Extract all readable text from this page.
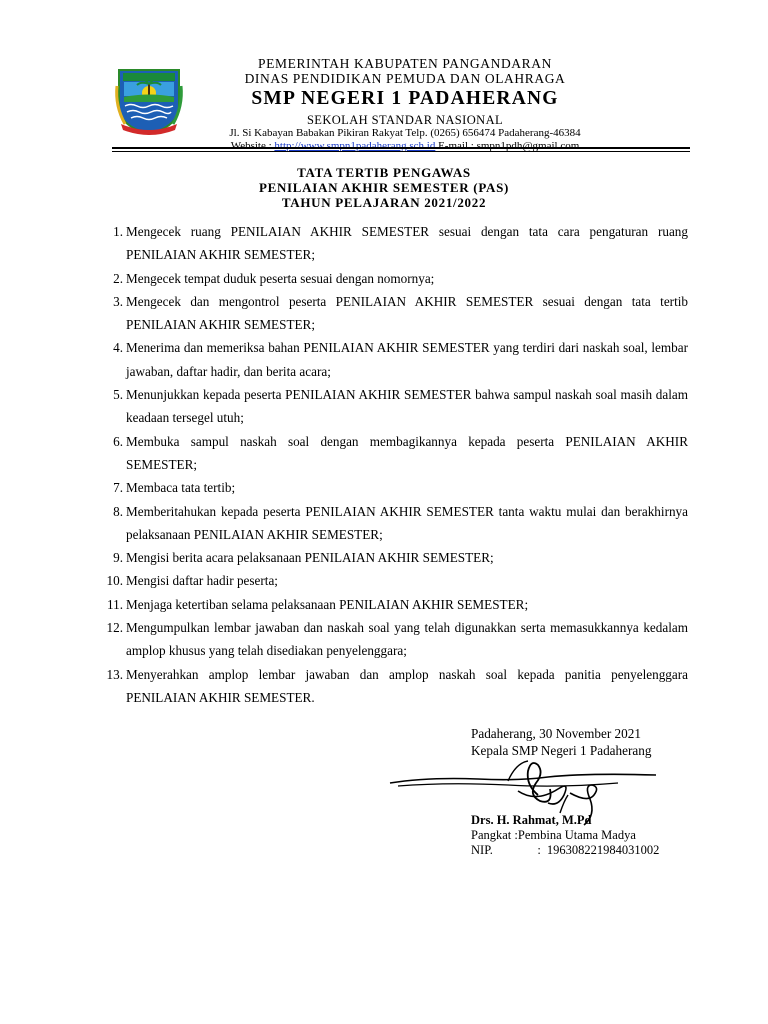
PEMERINTAH KABUPATEN PANGANDARAN
DINAS PENDIDIKAN PEMUDA DAN OLAHRAGA
SMP NEGERI 1 PADAHERANG
SEKOLAH STANDAR NASIONAL
Jl. Si Kabayan Babakan Pikiran Rakyat Telp. (0265) 656474 Padaherang-46384
Website : http://www.smpn1padaherang.sch.id E-mail : smpn1pdh@gmail.com
TATA TERTIB PENGAWAS
PENILAIAN AKHIR SEMESTER (PAS)
TAHUN PELAJARAN 2021/2022
1. Mengecek ruang PENILAIAN AKHIR SEMESTER sesuai dengan tata cara pengaturan ruang PENILAIAN AKHIR SEMESTER;
2. Mengecek tempat duduk peserta sesuai dengan nomornya;
3. Mengecek dan mengontrol peserta PENILAIAN AKHIR SEMESTER sesuai dengan tata tertib PENILAIAN AKHIR SEMESTER;
4. Menerima dan memeriksa bahan PENILAIAN AKHIR SEMESTER yang terdiri dari naskah soal, lembar jawaban, daftar hadir, dan berita acara;
5. Menunjukkan kepada peserta PENILAIAN AKHIR SEMESTER bahwa sampul naskah soal masih dalam keadaan tersegel utuh;
6. Membuka sampul naskah soal dengan membagikannya kepada peserta PENILAIAN AKHIR SEMESTER;
7. Membaca tata tertib;
8. Memberitahukan kepada peserta PENILAIAN AKHIR SEMESTER tanta waktu mulai dan berakhirnya pelaksanaan PENILAIAN AKHIR SEMESTER;
9. Mengisi berita acara pelaksanaan PENILAIAN AKHIR SEMESTER;
10. Mengisi daftar hadir peserta;
11. Menjaga ketertiban selama pelaksanaan PENILAIAN AKHIR SEMESTER;
12. Mengumpulkan lembar jawaban dan naskah soal yang telah digunakkan serta memasukkannya kedalam amplop khusus yang telah disediakan penyelenggara;
13. Menyerahkan amplop lembar jawaban dan amplop naskah soal kepada panitia penyelenggara PENILAIAN AKHIR SEMESTER.
Padaherang, 30 November 2021
Kepala SMP Negeri 1 Padaherang
Drs. H. Rahmat, M.Pd
Pangkat :Pembina Utama Madya
NIP.	: 196308221984031002
